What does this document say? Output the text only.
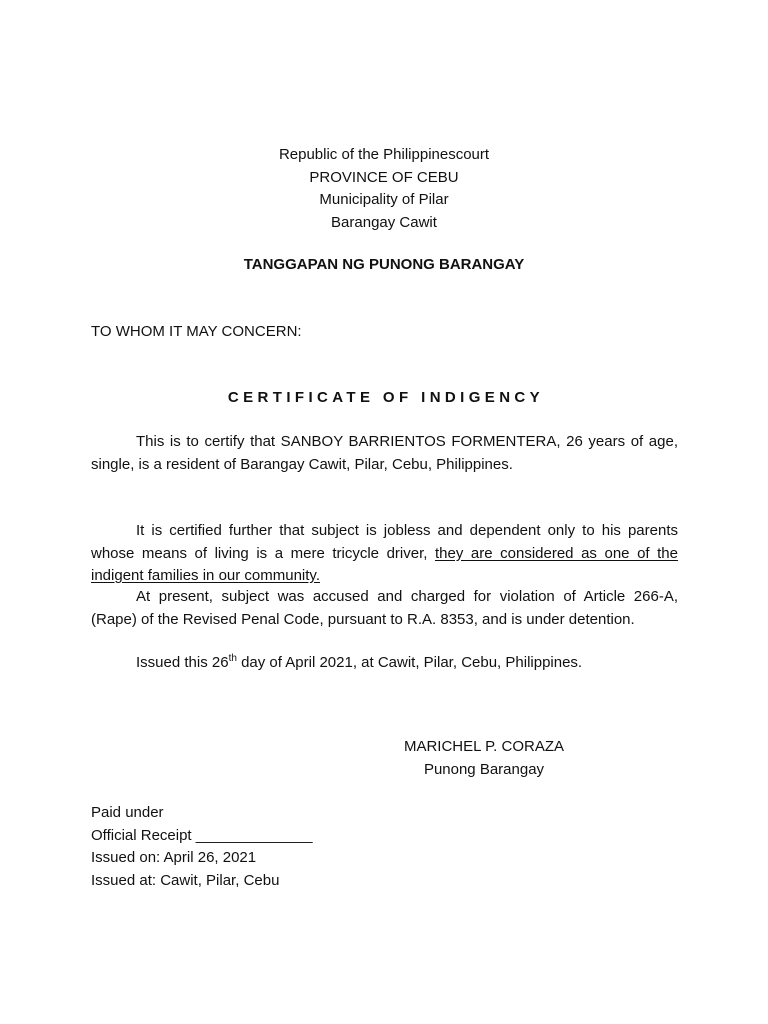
Republic of the Philippinescourt
PROVINCE OF CEBU
Municipality of Pilar
Barangay Cawit
TANGGAPAN NG PUNONG BARANGAY
TO WHOM IT MAY CONCERN:
CERTIFICATE OF INDIGENCY
This is to certify that SANBOY BARRIENTOS FORMENTERA, 26 years of age, single, is a resident of Barangay Cawit, Pilar, Cebu, Philippines.
It is certified further that subject is jobless and dependent only to his parents whose means of living is a mere tricycle driver, they are considered as one of the indigent families in our community.
At present, subject was accused and charged for violation of Article 266-A, (Rape) of the Revised Penal Code, pursuant to R.A. 8353, and is under detention.
Issued this 26th day of April 2021, at Cawit, Pilar, Cebu, Philippines.
MARICHEL P. CORAZA
Punong Barangay
Paid under
Official Receipt ______________
Issued on: April 26, 2021
Issued at: Cawit, Pilar, Cebu
